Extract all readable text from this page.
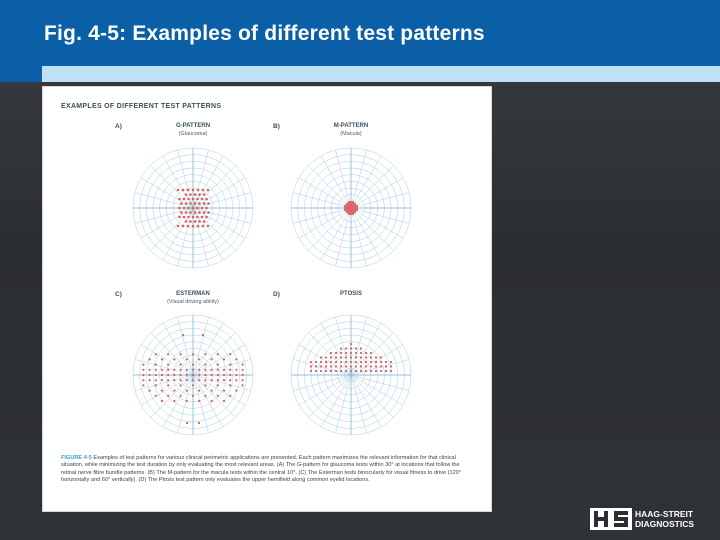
Fig. 4-5: Examples of different test patterns
EXAMPLES OF DIFFERENT TEST PATTERNS
A)	G-PATTERN
(Glaucoma)
B)	M-PATTERN
(Macula)
C)	ESTERMAN
(Visual driving ability)
D)	PTOSIS
FIGURE 4-5 Examples of test patterns for various clinical perimetric applications are presented. Each pattern maximizes the relevant information for that clinical situation, while minimizing the test duration by only evaluating the most relevant areas. (A) The G-pattern for glaucoma tests within 30° at locations that follow the retinal nerve fibre bundle patterns. (B) The M-pattern for the macula tests within the central 10°. (C) The Esterman tests binocularly for visual fitness to drive (120° horizontally and 60° vertically). (D) The Ptosis test pattern only evaluates the upper hemifield along common eyelid locations.
HAAG-STREIT
DIAGNOSTICS
